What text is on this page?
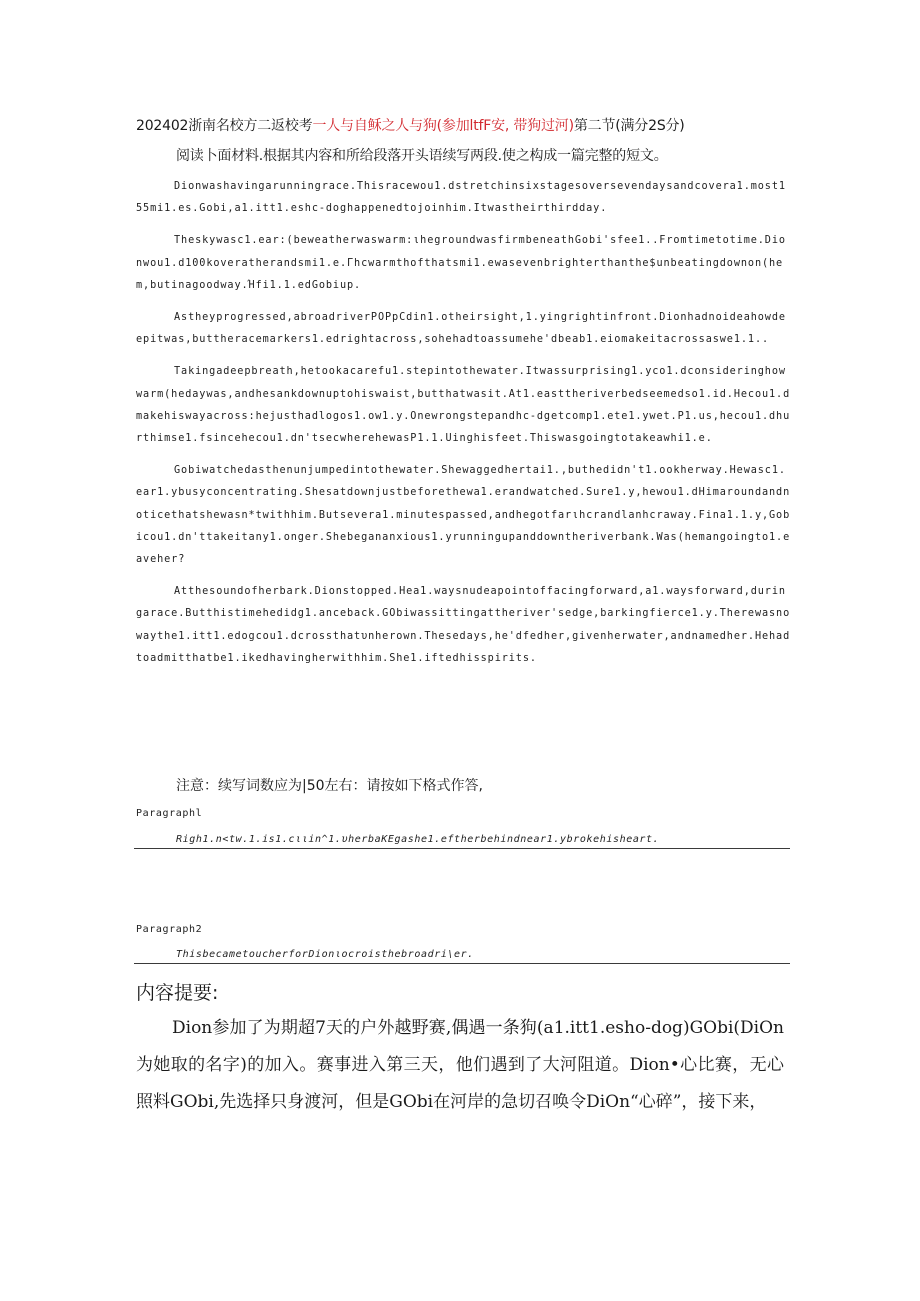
202402浙南名校方二返校考一人与自稣之人与狗(参加ltfF安, 带狗过河)第二节(满分2S分)
阅读卜面材料.根据其内容和所给段落开头语续写两段.使之构成一篇完整的短文。

Dionwashavingarunningrace.Thisracewou1.dstretchinsixstagesoversevendaysandcovera1.most155mi1.es.Gobi,a1.itt1.eshc-doghappenedtojoinhim.Itwastheirthirdday.

Theskywasc1.ear:(beweatherwaswarm:ιhegroundwasfirmbeneathGobi'sfee1..Fromtimetotime.Dionwou1.d100koveratherandsmi1.e.Γhcwarmthofthatsmi1.ewasevenbrighterthanthe$unbeatingdownon(hem,butinagoodway.Ήfi1.1.edGobiup.

Astheyprogressed,abroadriverPOPpCdin1.otheirsight,1.yingrightinfront.Dionhadnoideahowdeepitwas,buttheracemarkers1.edrightacross,sohehadtoassumehe'dbeab1.eiomakeitacrossaswe1.1..

Takingadeepbreath,hetookacarefu1.stepintothewater.Itwassurprising1.yco1.dconsideringhowwarm(hedaywas,andhesankdownuptohiswaist,butthatwasit.At1.easttheriverbedseemedso1.id.Hecou1.dmakehiswayacross:hejusthadlogos1.ow1.y.Onewrongstepandhc-dgetcomp1.ete1.ywet.P1.us,hecou1.dhurthimse1.fsincehecou1.dn'tsecwherehewasP1.1.Uinghisfeet.Thiswasgoingtotakeawhi1.e.

Gobiwatchedasthenunjumpedintothewater.Shewaggedhertai1.,buthedidn't1.ookherway.Hewasc1.ear1.ybusyconcentrating.Shesatdownjustbeforethewa1.erandwatched.Sure1.y,hewou1.dHimaroundandnoticethatshewasn*twithhim.Butsevera1.minutespassed,andhegotfarιhcrandlanhcraway.Fina1.1.y,Gobicou1.dn'ttakeitany1.onger.Shebegananxious1.yrunningupanddowntheriverbank.Was(hemangoingto1.eaveher?

Atthesoundofherbark.Dionstopped.Hea1.waysnudeapointoffacingforward,a1.waysforward,duringarace.Butthistimehedidg1.anceback.GObiwassittingattheriver'sedge,barkingfierce1.y.Therewasnowaythe1.itt1.edogcou1.dcrossthatυnherown.Thesedays,he'dfedher,givenherwater,andnamedher.Hehadtoadmitthatbe1.ikedhavingherwithhim.She1.iftedhisspirits.

注意：续写词数应为|50左右：请按如下格式作答,
Paragraphl
Righ1.n<tw.1.is1.cιιin^1.υherbaKEgashe1.eftherbehindnear1.ybrokehisheart.
Paragraph2
ThisbecametoucherforDionιocroisthebroadri\er.
内容提要:
Dion参加了为期超7天的户外越野赛,偶遇一条狗(a1.itt1.esho-dog)GObi(DiOn为她取的名字)的加入。赛事进入第三天，他们遇到了大河阻道。Dion•心比赛，无心照料GObi,先选择只身渡河，但是GObi在河岸的急切召唤令DiOn“心碎”，接下来，
